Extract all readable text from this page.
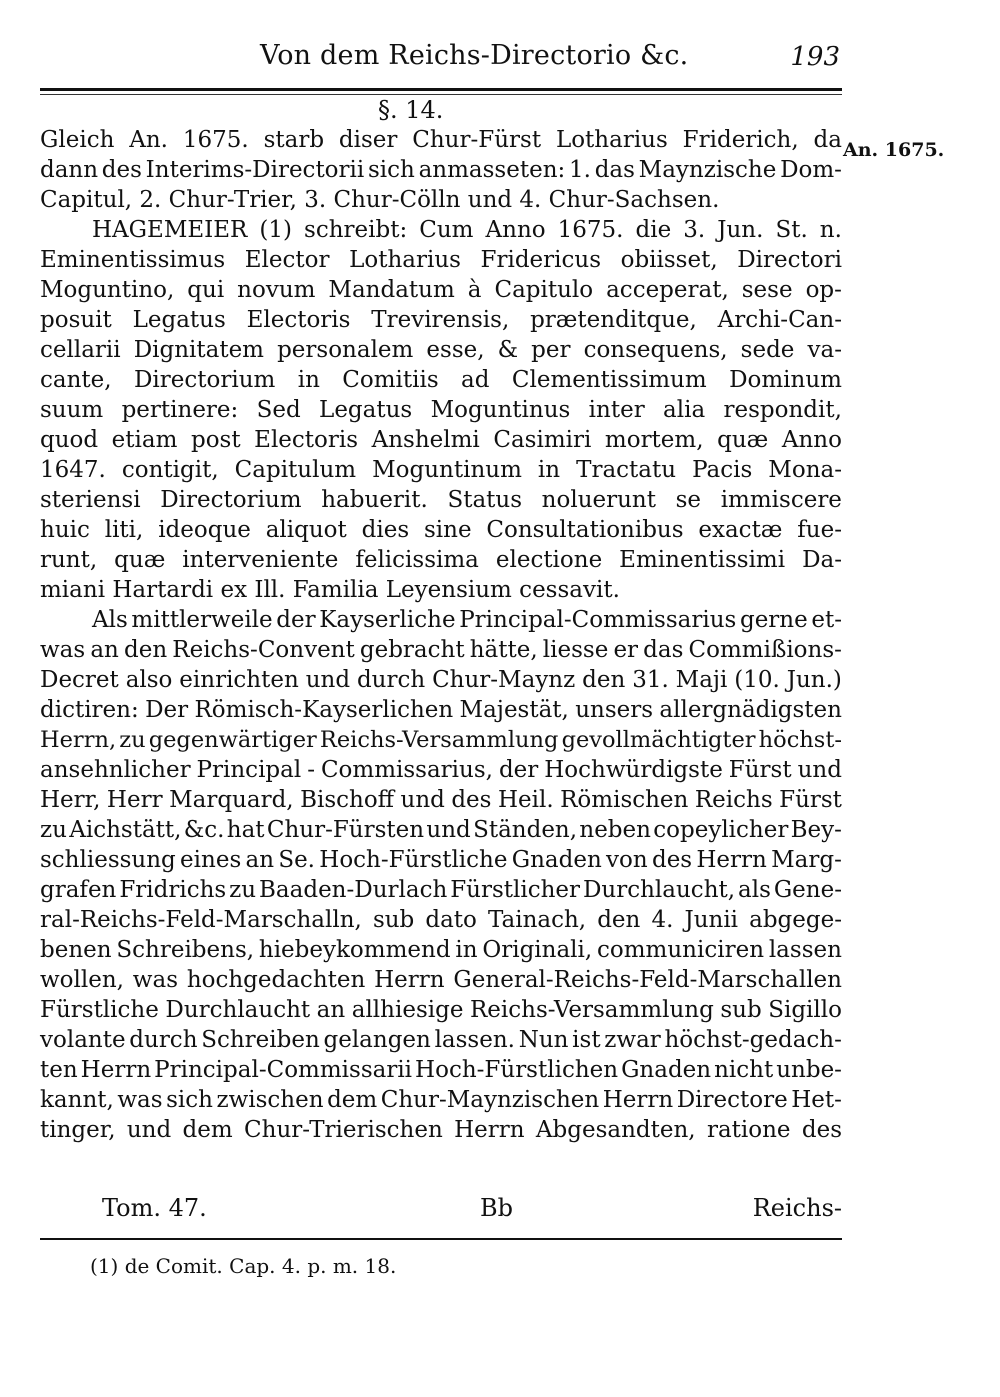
Von dem Reichs-Directorio &c.	193
§. 14.
An. 1675.
Gleich An. 1675. starb diser Chur-Fürst Lotharius Friderich, da
dann des Interims-Directorii sich anmasseten: 1. das Maynzische Dom-
Capitul, 2. Chur-Trier, 3. Chur-Cölln und 4. Chur-Sachsen.
HAGEMEIER (1) schreibt: Cum Anno 1675. die 3. Jun. St. n.
Eminentissimus Elector Lotharius Fridericus obiisset, Directori
Moguntino, qui novum Mandatum à Capitulo acceperat, sese op-
posuit Legatus Electoris Trevirensis, prætenditque, Archi-Can-
cellarii Dignitatem personalem esse, & per consequens, sede va-
cante, Directorium in Comitiis ad Clementissimum Dominum
suum pertinere: Sed Legatus Moguntinus inter alia respondit,
quod etiam post Electoris Anshelmi Casimiri mortem, quæ Anno
1647. contigit, Capitulum Moguntinum in Tractatu Pacis Mona-
steriensi Directorium habuerit. Status noluerunt se immiscere
huic liti, ideoque aliquot dies sine Consultationibus exactæ fue-
runt, quæ interveniente felicissima electione Eminentissimi Da-
miani Hartardi ex Ill. Familia Leyensium cessavit.
Als mittlerweile der Kayserliche Principal-Commissarius gerne et-
was an den Reichs-Convent gebracht hätte, liesse er das Commißions-
Decret also einrichten und durch Chur-Maynz den 31. Maji (10. Jun.)
dictiren: Der Römisch-Kayserlichen Majestät, unsers allergnädigsten
Herrn, zu gegenwärtiger Reichs-Versammlung gevollmächtigter höchst-
ansehnlicher Principal - Commissarius, der Hochwürdigste Fürst und
Herr, Herr Marquard, Bischoff und des Heil. Römischen Reichs Fürst
zu Aichstätt, &c. hat Chur-Fürsten und Ständen, neben copeylicher Bey-
schliessung eines an Se. Hoch-Fürstliche Gnaden von des Herrn Marg-
grafen Fridrichs zu Baaden-Durlach Fürstlicher Durchlaucht, als Gene-
ral-Reichs-Feld-Marschalln, sub dato Tainach, den 4. Junii abgege-
benen Schreibens, hiebeykommend in Originali, communiciren lassen
wollen, was hochgedachten Herrn General-Reichs-Feld-Marschallen
Fürstliche Durchlaucht an allhiesige Reichs-Versammlung sub Sigillo
volante durch Schreiben gelangen lassen. Nun ist zwar höchst-gedach-
ten Herrn Principal-Commissarii Hoch-Fürstlichen Gnaden nicht unbe-
kannt, was sich zwischen dem Chur-Maynzischen Herrn Directore Het-
tinger, und dem Chur-Trierischen Herrn Abgesandten, ratione des
Tom. 47.	Bb	Reichs-
(1) de Comit. Cap. 4. p. m. 18.
